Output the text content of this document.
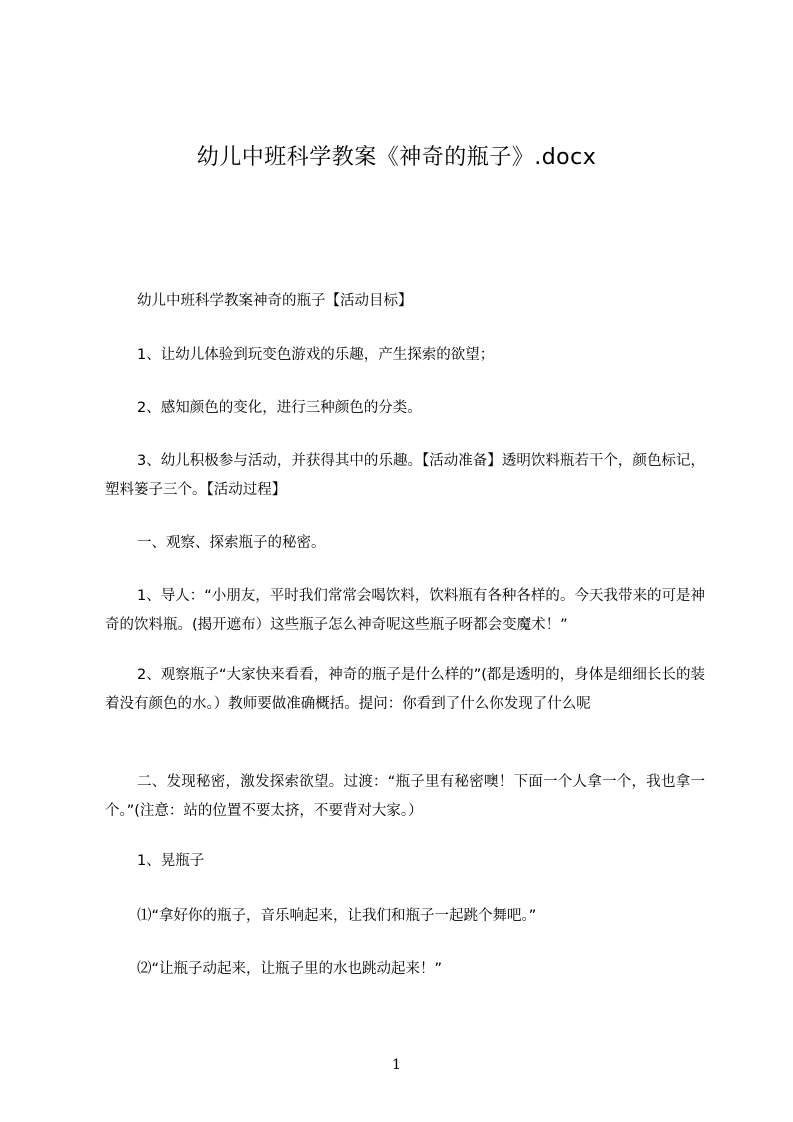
幼儿中班科学教案《神奇的瓶子》.docx
幼儿中班科学教案神奇的瓶子【活动目标】
1、让幼儿体验到玩变色游戏的乐趣，产生探索的欲望；
2、感知颜色的变化，进行三种颜色的分类。
3、幼儿积极参与活动，并获得其中的乐趣。【活动准备】透明饮料瓶若干个，颜色标记，塑料篓子三个。【活动过程】
一、观察、探索瓶子的秘密。
1、导人：“小朋友，平时我们常常会喝饮料，饮料瓶有各种各样的。今天我带来的可是神奇的饮料瓶。(揭开遮布）这些瓶子怎么神奇呢这些瓶子呀都会变魔术！”
2、观察瓶子“大家快来看看，神奇的瓶子是什么样的”(都是透明的，身体是细细长长的装着没有颜色的水。）教师要做准确概括。提问：你看到了什么你发现了什么呢
二、发现秘密，激发探索欲望。过渡：“瓶子里有秘密噢！下面一个人拿一个，我也拿一个。”(注意：站的位置不要太挤，不要背对大家。）
1、晃瓶子
⑴“拿好你的瓶子，音乐响起来，让我们和瓶子一起跳个舞吧。”
⑵“让瓶子动起来，让瓶子里的水也跳动起来！”
1
